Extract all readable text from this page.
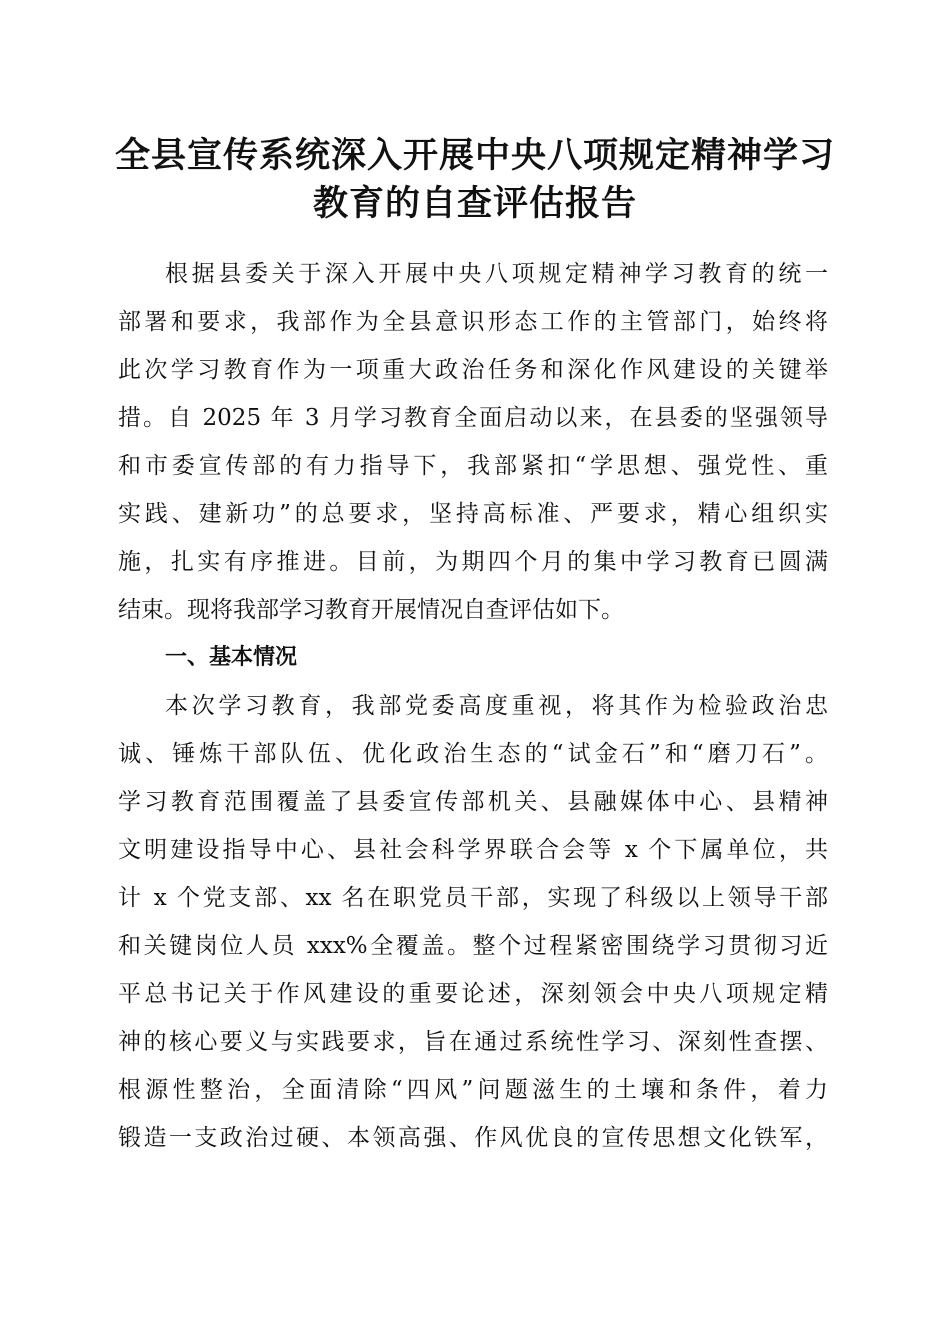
全县宣传系统深入开展中央八项规定精神学习
教育的自查评估报告
根据县委关于深入开展中央八项规定精神学习教育的统一
部署和要求，我部作为全县意识形态工作的主管部门，始终将
此次学习教育作为一项重大政治任务和深化作风建设的关键举
措。自 2025 年 3 月学习教育全面启动以来，在县委的坚强领导
和市委宣传部的有力指导下，我部紧扣“学思想、强党性、重
实践、建新功”的总要求，坚持高标准、严要求，精心组织实
施，扎实有序推进。目前，为期四个月的集中学习教育已圆满
结束。现将我部学习教育开展情况自查评估如下。
一、基本情况
本次学习教育，我部党委高度重视，将其作为检验政治忠
诚、锤炼干部队伍、优化政治生态的“试金石”和“磨刀石”。
学习教育范围覆盖了县委宣传部机关、县融媒体中心、县精神
文明建设指导中心、县社会科学界联合会等 x 个下属单位，共
计 x 个党支部、xx 名在职党员干部，实现了科级以上领导干部
和关键岗位人员 xxx%全覆盖。整个过程紧密围绕学习贯彻习近
平总书记关于作风建设的重要论述，深刻领会中央八项规定精
神的核心要义与实践要求，旨在通过系统性学习、深刻性查摆、
根源性整治，全面清除“四风”问题滋生的土壤和条件，着力
锻造一支政治过硬、本领高强、作风优良的宣传思想文化铁军，
